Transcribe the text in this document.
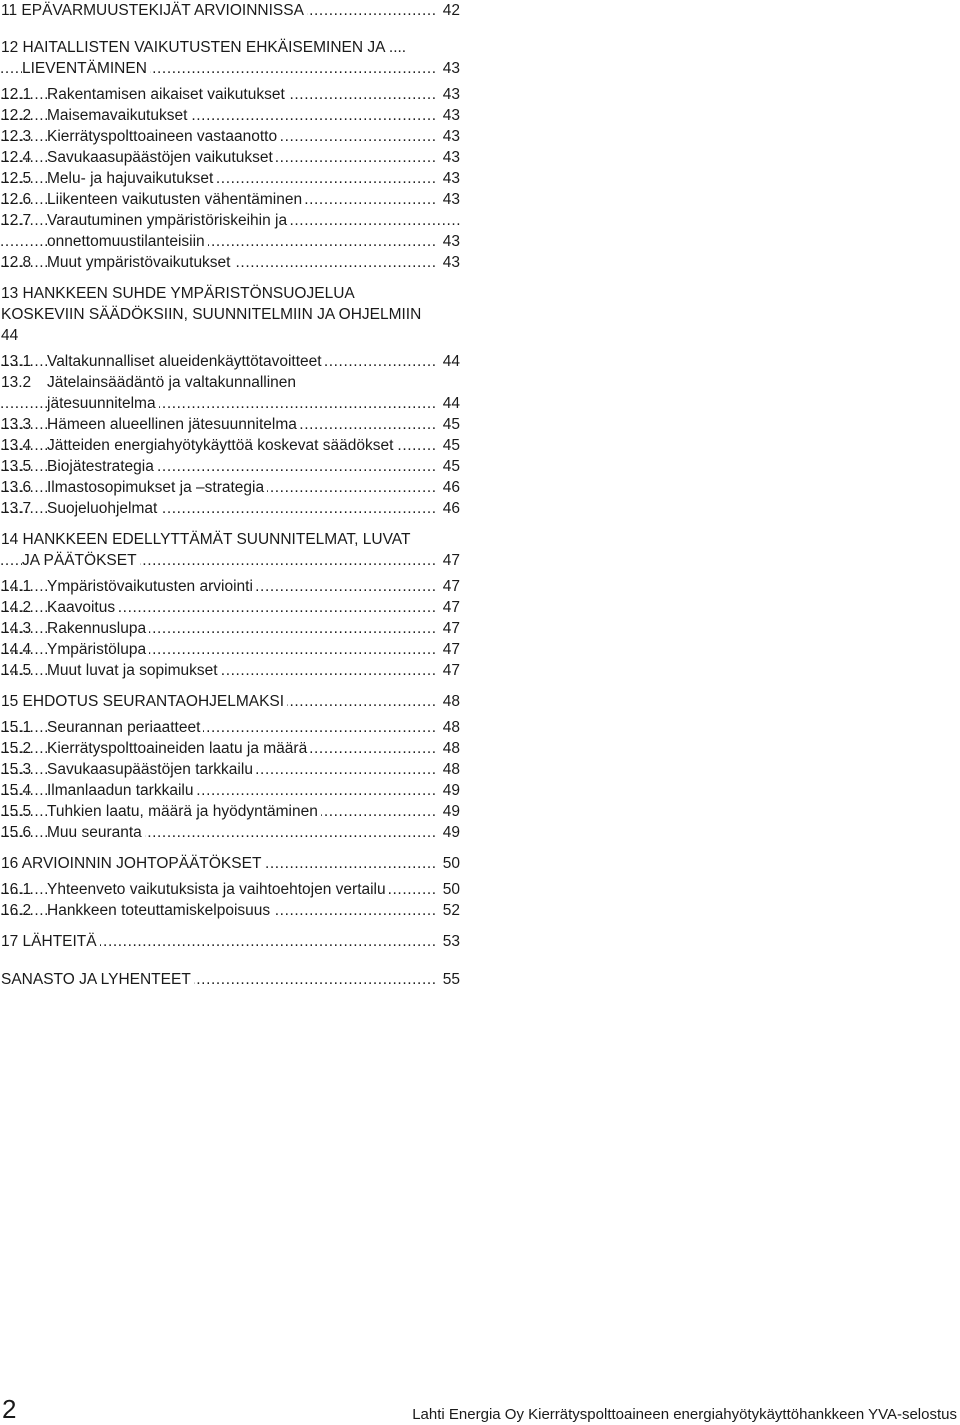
.....
11 EPÄVARMUUSTEKIJÄT ARVIOINNISSA	42
12 HAITALLISTEN VAIKUTUSTEN EHKÄISEMINEN JA ....
.....
LIEVENTÄMINEN	43
.....
12.1 Rakentamisen aikaiset vaikutukset	43
.....
12.2 Maisemavaikutukset	43
.....
12.3 Kierrätyspolttoaineen vastaanotto	43
.....
12.4 Savukaasupäästöjen vaikutukset	43
.....
12.5 Melu- ja hajuvaikutukset	43
.....
12.6 Liikenteen vaikutusten vähentäminen	43
.....
12.7 Varautuminen ympäristöriskeihin ja
.....
onnettomuustilanteisiin	43
.....
12.8 Muut ympäristövaikutukset	43
13 HANKKEEN SUHDE YMPÄRISTÖNSUOJELUA
KOSKEVIIN SÄÄDÖKSIIN, SUUNNITELMIIN JA OHJELMIIN
44
.....
13.1 Valtakunnalliset alueidenkäyttötavoitteet	44
13.2 Jätelainsäädäntö ja valtakunnallinen
.....
jätesuunnitelma	44
.....
13.3 Hämeen alueellinen jätesuunnitelma	45
.....
13.4 Jätteiden energiahyötykäyttöä koskevat säädökset	45
.....
13.5 Biojätestrategia	45
.....
13.6 Ilmastosopimukset ja –strategia	46
.....
13.7 Suojeluohjelmat	46
14 HANKKEEN EDELLYTTÄMÄT SUUNNITELMAT, LUVAT
.....
JA PÄÄTÖKSET	47
.....
14.1 Ympäristövaikutusten arviointi	47
.....
14.2 Kaavoitus	47
.....
14.3 Rakennuslupa	47
.....
14.4 Ympäristölupa	47
.....
14.5 Muut luvat ja sopimukset	47
.....
15 EHDOTUS SEURANTAOHJELMAKSI	48
.....
15.1 Seurannan periaatteet	48
.....
15.2 Kierrätyspolttoaineiden laatu ja määrä	48
.....
15.3 Savukaasupäästöjen tarkkailu	48
.....
15.4 Ilmanlaadun tarkkailu	49
.....
15.5 Tuhkien laatu, määrä ja hyödyntäminen	49
.....
15.6 Muu seuranta	49
.....
16 ARVIOINNIN JOHTOPÄÄTÖKSET	50
.....
16.1 Yhteenveto vaikutuksista ja vaihtoehtojen vertailu	50
.....
16.2 Hankkeen toteuttamiskelpoisuus	52
.....
17 LÄHTEITÄ	53
.....
SANASTO JA LYHENTEET	55
2	Lahti Energia Oy Kierrätyspolttoaineen energiahyötykäyttöhankkeen YVA-selostus
